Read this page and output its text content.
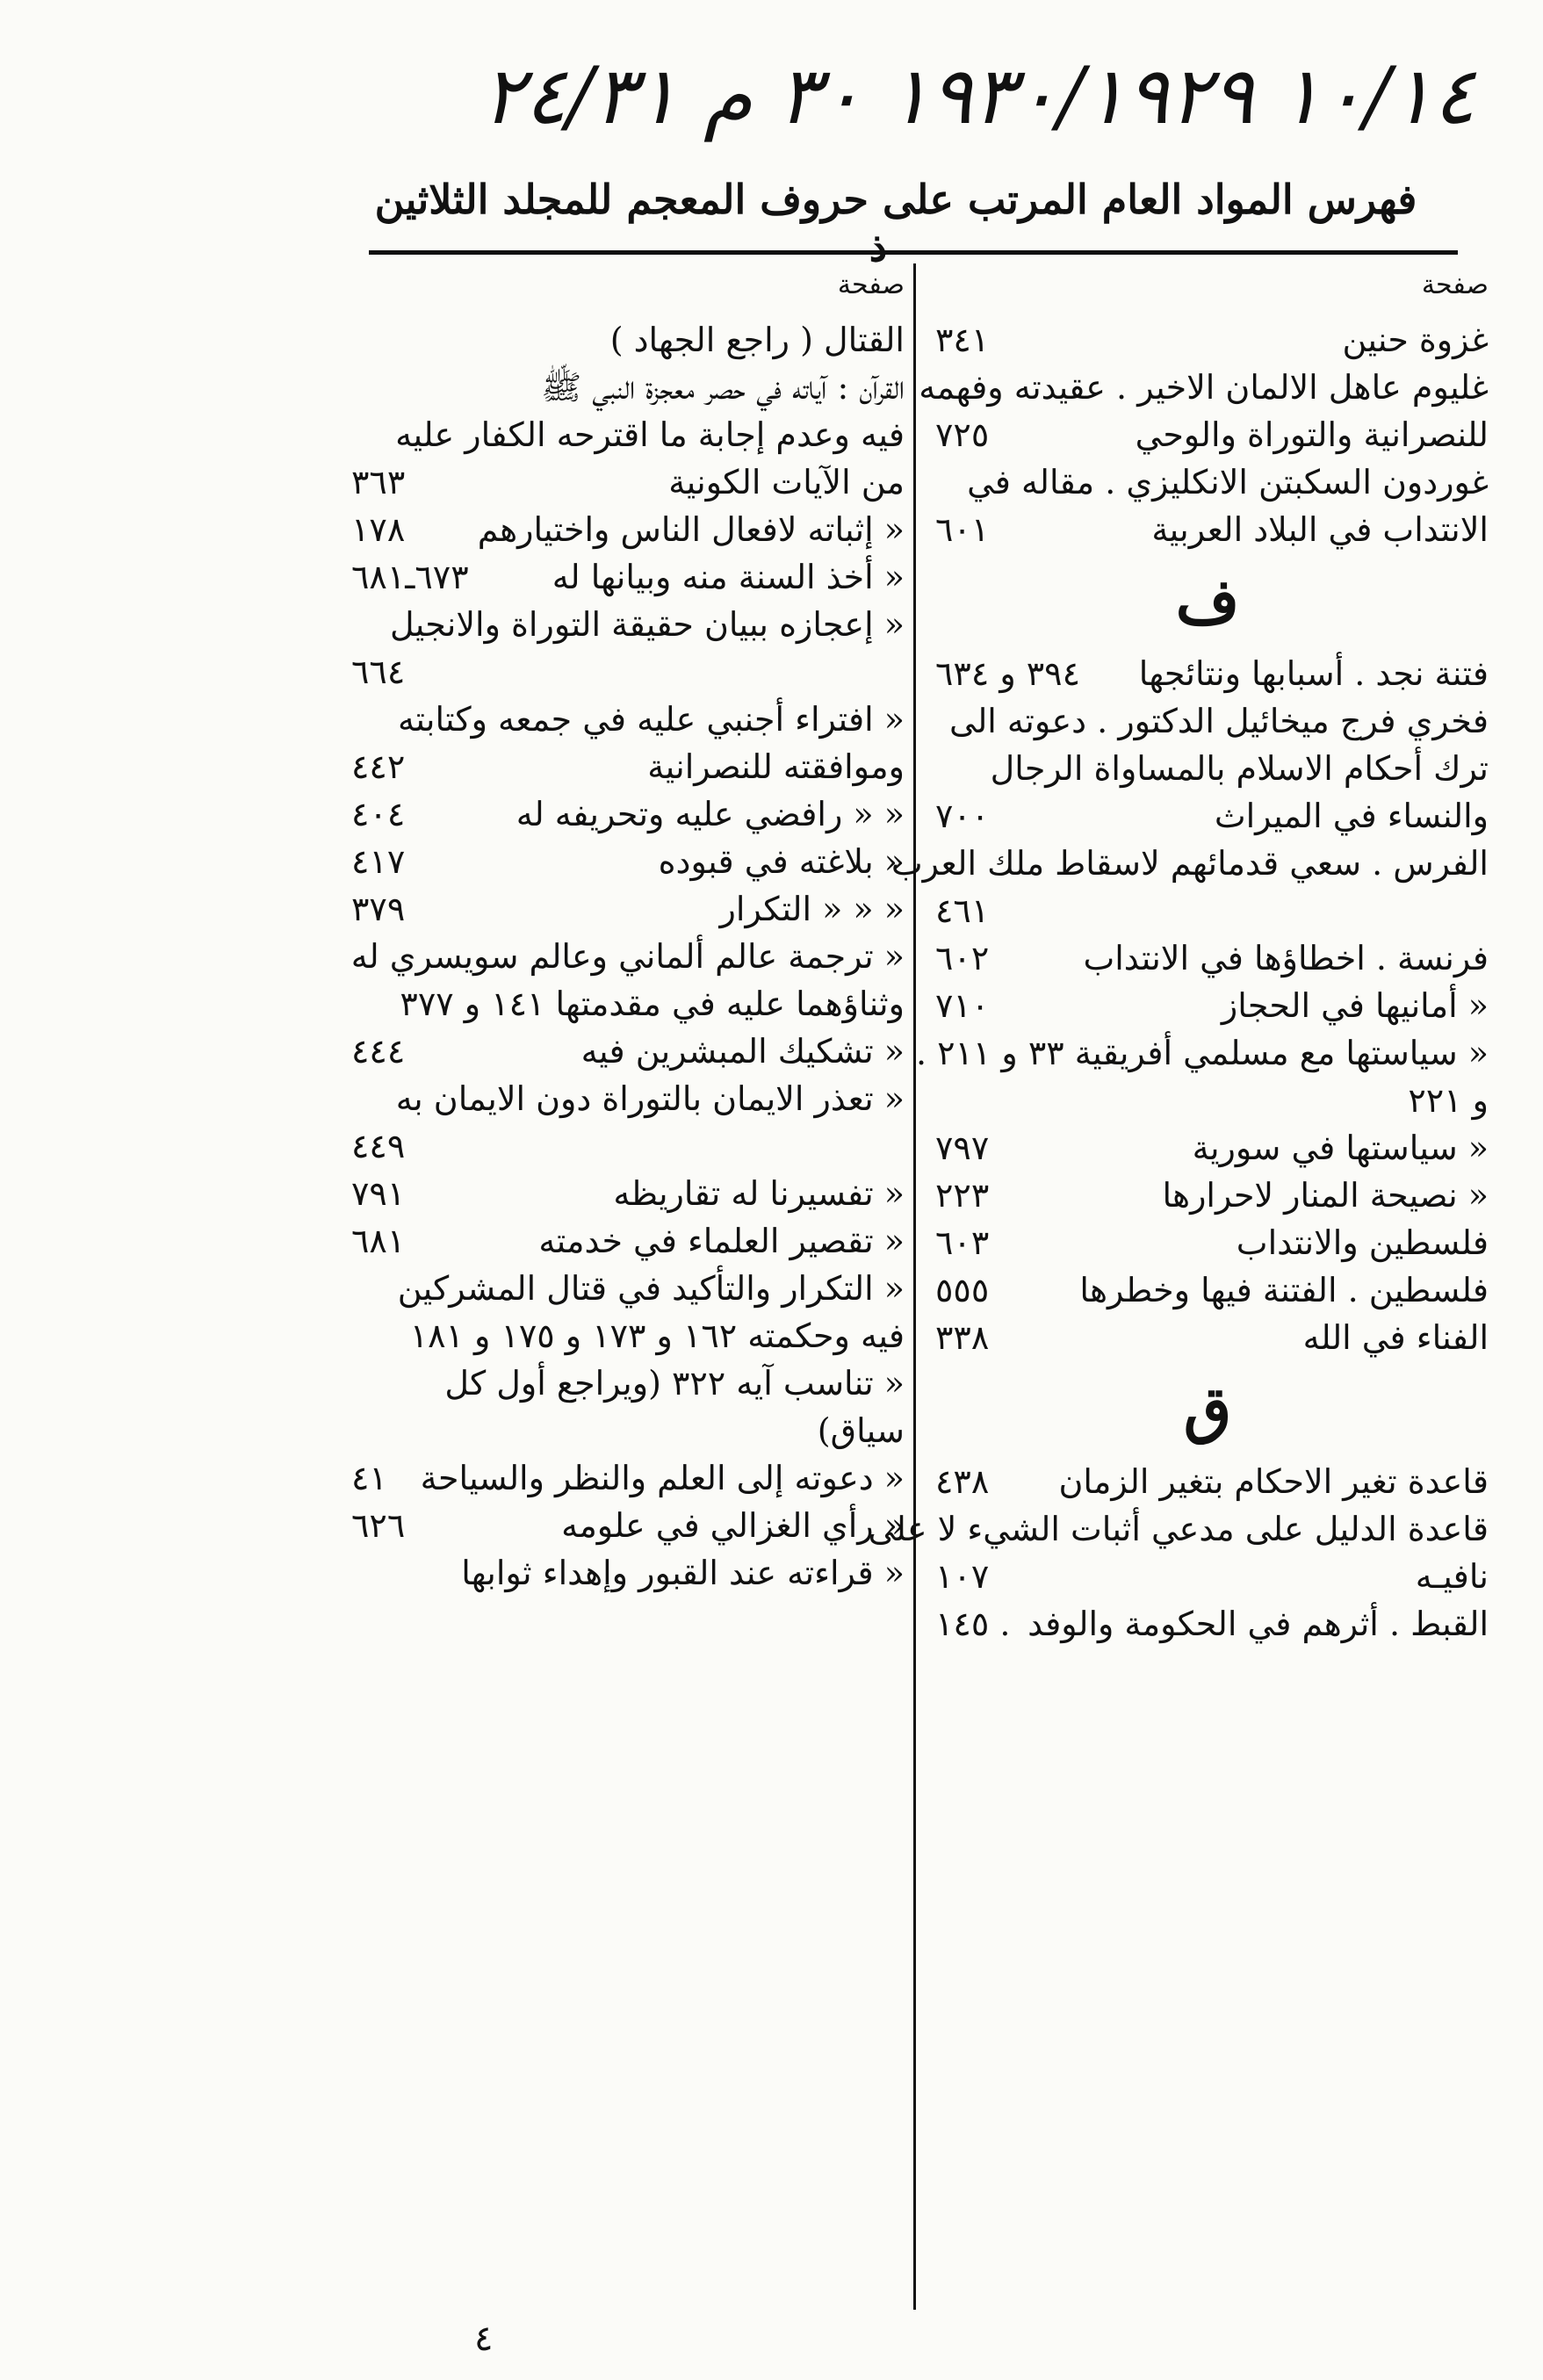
١٠/١٤ ١٩٣٠/١٩٢٩ ٣٠ م ٢٤/٣١
فهرس المواد العام المرتب على حروف المعجم للمجلد الثلاثين ذ
صفحة
غزوة حنين
٣٤١
غليوم عاهل الالمان الاخير . عقيدته وفهمه
للنصرانية والتوراة والوحي
٧٢٥
غوردون السكبتن الانكليزي . مقاله في
الانتداب في البلاد العربية
٦٠١
ف
فتنة نجد . أسبابها ونتائجها
٣٩٤ و ٦٣٤
فخري فرج ميخائيل الدكتور . دعوته الى
ترك أحكام الاسلام بالمساواة الرجال
والنساء في الميراث
٧٠٠
الفرس . سعي قدمائهم لاسقاط ملك العرب
٤٦١
فرنسة . اخطاؤها في الانتداب
٦٠٢
« أمانيها في الحجاز
٧١٠
« سياستها مع مسلمي أفريقية ٣٣ و ٢١١ .
و ٢٢١
« سياستها في سورية
٧٩٧
« نصيحة المنار لاحرارها
٢٢٣
فلسطين والانتداب
٦٠٣
فلسطين . الفتنة فيها وخطرها
٥٥٥
الفناء في الله
٣٣٨
ق
قاعدة تغير الاحكام بتغير الزمان
٤٣٨
قاعدة الدليل على مدعي أثبات الشيء لا على
نافيـه
١٠٧
القبط . أثرهم في الحكومة والوفد
١٤٥ .
صفحة
القتال ( راجع الجهاد )
القرآن : آياته في حصر معجزة النبي ﷺ
فيه وعدم إجابة ما اقترحه الكفار عليه
من الآيات الكونية
٣٦٣
« إثباته لافعال الناس واختيارهم
١٧٨
« أخذ السنة منه وبيانها له
٦٧٣ـ٦٨١
« إعجازه ببيان حقيقة التوراة والانجيل
٦٦٤
« افتراء أجنبي عليه في جمعه وكتابته
وموافقته للنصرانية
٤٤٢
« « رافضي عليه وتحريفه له
٤٠٤
« بلاغته في قبوده
٤١٧
« « « التكرار
٣٧٩
« ترجمة عالم ألماني وعالم سويسري له
وثناؤهما عليه في مقدمتها ١٤١ و ٣٧٧
« تشكيك المبشرين فيه
٤٤٤
« تعذر الايمان بالتوراة دون الايمان به
٤٤٩
« تفسيرنا له تقاريظه
٧٩١
« تقصير العلماء في خدمته
٦٨١
« التكرار والتأكيد في قتال المشركين
فيه وحكمته ١٦٢ و ١٧٣ و ١٧٥ و ١٨١
« تناسب آيه ٣٢٢ (ويراجع أول كل
سياق)
« دعوته إلى العلم والنظر والسياحة
٤١
« رأي الغزالي في علومه
٦٢٦
« قراءته عند القبور وإهداء ثوابها
٤
